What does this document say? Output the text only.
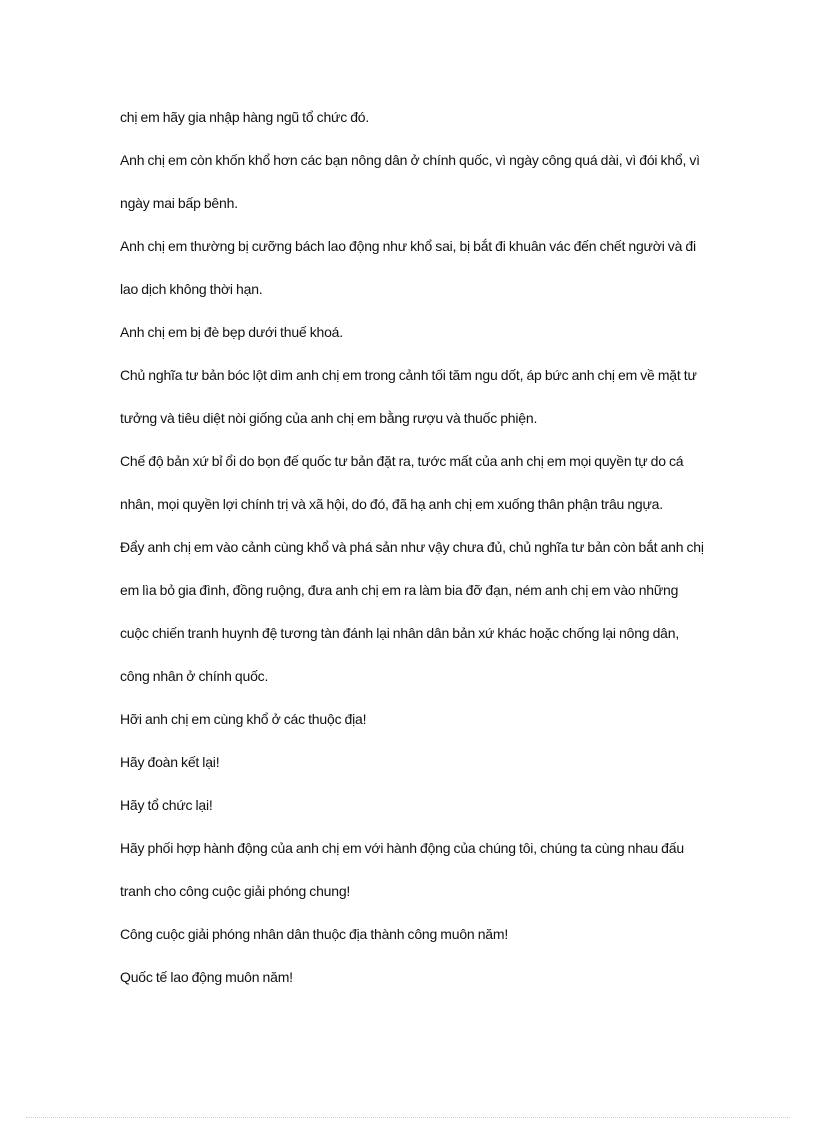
chị em hãy gia nhập hàng ngũ tổ chức đó.

Anh chị em còn khốn khổ hơn các bạn nông dân ở chính quốc, vì ngày công quá dài, vì đói khổ, vì ngày mai bấp bênh.

Anh chị em thường bị cưỡng bách lao động như khổ sai, bị bắt đi khuân vác đến chết người và đi lao dịch không thời hạn.

Anh chị em bị đè bẹp dưới thuế khoá.

Chủ nghĩa tư bản bóc lột dìm anh chị em trong cảnh tối tăm ngu dốt, áp bức anh chị em về mặt tư tưởng và tiêu diệt nòi giống của anh chị em bằng rượu và thuốc phiện.

Chế độ bản xứ bỉ ổi do bọn đế quốc tư bản đặt ra, tước mất của anh chị em mọi quyền tự do cá nhân, mọi quyền lợi chính trị và xã hội, do đó, đã hạ anh chị em xuống thân phận trâu ngựa.

Đẩy anh chị em vào cảnh cùng khổ và phá sản như vậy chưa đủ, chủ nghĩa tư bản còn bắt anh chị em lìa bỏ gia đình, đồng ruộng, đưa anh chị em ra làm bia đỡ đạn, ném anh chị em vào những cuộc chiến tranh huynh đệ tương tàn đánh lại nhân dân bản xứ khác hoặc chống lại nông dân, công nhân ở chính quốc.

Hỡi anh chị em cùng khổ ở các thuộc địa!

Hãy đoàn kết lại!

Hãy tổ chức lại!

Hãy phối hợp hành động của anh chị em với hành động của chúng tôi, chúng ta cùng nhau đấu tranh cho công cuộc giải phóng chung!

Công cuộc giải phóng nhân dân thuộc địa thành công muôn năm!

Quốc tế lao động muôn năm!
